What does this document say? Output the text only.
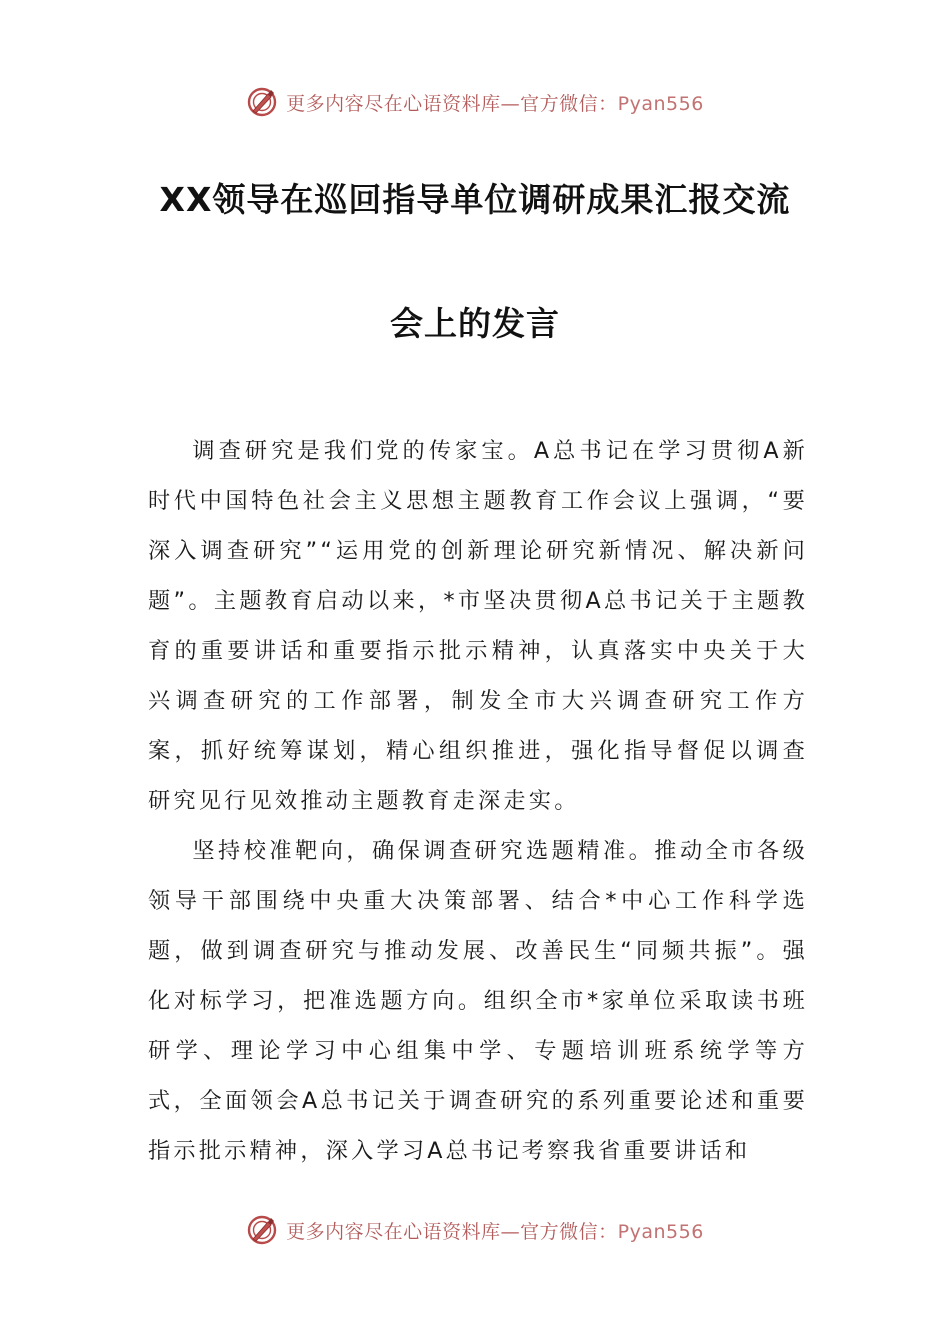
更多内容尽在心语资料库—官方微信：Pyan556
XX领导在巡回指导单位调研成果汇报交流
会上的发言

调查研究是我们党的传家宝。A总书记在学习贯彻A新时代中国特色社会主义思想主题教育工作会议上强调，“要深入调查研究”“运用党的创新理论研究新情况、解决新问题”。主题教育启动以来，*市坚决贯彻A总书记关于主题教育的重要讲话和重要指示批示精神，认真落实中央关于大兴调查研究的工作部署，制发全市大兴调查研究工作方案，抓好统筹谋划，精心组织推进，强化指导督促以调查研究见行见效推动主题教育走深走实。

坚持校准靶向，确保调查研究选题精准。推动全市各级领导干部围绕中央重大决策部署、结合*中心工作科学选题，做到调查研究与推动发展、改善民生“同频共振”。强化对标学习，把准选题方向。组织全市*家单位采取读书班研学、理论学习中心组集中学、专题培训班系统学等方式，全面领会A总书记关于调查研究的系列重要论述和重要指示批示精神，深入学习A总书记考察我省重要讲话和

更多内容尽在心语资料库—官方微信：Pyan556
